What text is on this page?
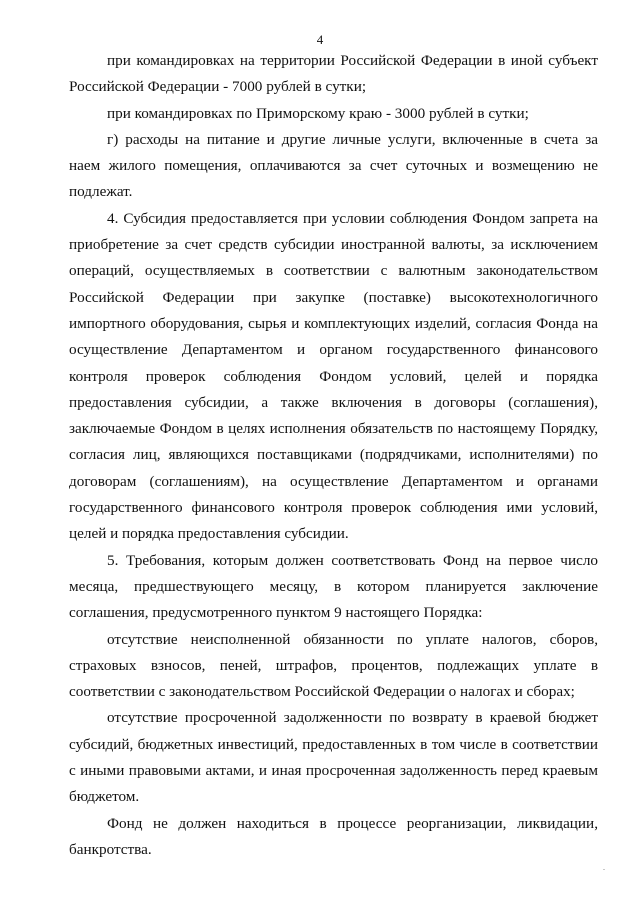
4

при командировках на территории Российской Федерации в иной субъект Российской Федерации - 7000 рублей в сутки;

при командировках по Приморскому краю - 3000 рублей в сутки;

г) расходы на питание и другие личные услуги, включенные в счета за наем жилого помещения, оплачиваются за счет суточных и возмещению не подлежат.

4. Субсидия предоставляется при условии соблюдения Фондом запрета на приобретение за счет средств субсидии иностранной валюты, за исключением операций, осуществляемых в соответствии с валютным законодательством Российской Федерации при закупке (поставке) высокотехнологичного импортного оборудования, сырья и комплектующих изделий, согласия Фонда на осуществление Департаментом и органом государственного финансового контроля проверок соблюдения Фондом условий, целей и порядка предоставления субсидии, а также включения в договоры (соглашения), заключаемые Фондом в целях исполнения обязательств по настоящему Порядку, согласия лиц, являющихся поставщиками (подрядчиками, исполнителями) по договорам (соглашениям), на осуществление Департаментом и органами государственного финансового контроля проверок соблюдения ими условий, целей и порядка предоставления субсидии.

5. Требования, которым должен соответствовать Фонд на первое число месяца, предшествующего месяцу, в котором планируется заключение соглашения, предусмотренного пунктом 9 настоящего Порядка:

отсутствие неисполненной обязанности по уплате налогов, сборов, страховых взносов, пеней, штрафов, процентов, подлежащих уплате в соответствии с законодательством Российской Федерации о налогах и сборах;

отсутствие просроченной задолженности по возврату в краевой бюджет субсидий, бюджетных инвестиций, предоставленных в том числе в соответствии с иными правовыми актами, и иная просроченная задолженность перед краевым бюджетом.

Фонд не должен находиться в процессе реорганизации, ликвидации, банкротства.
